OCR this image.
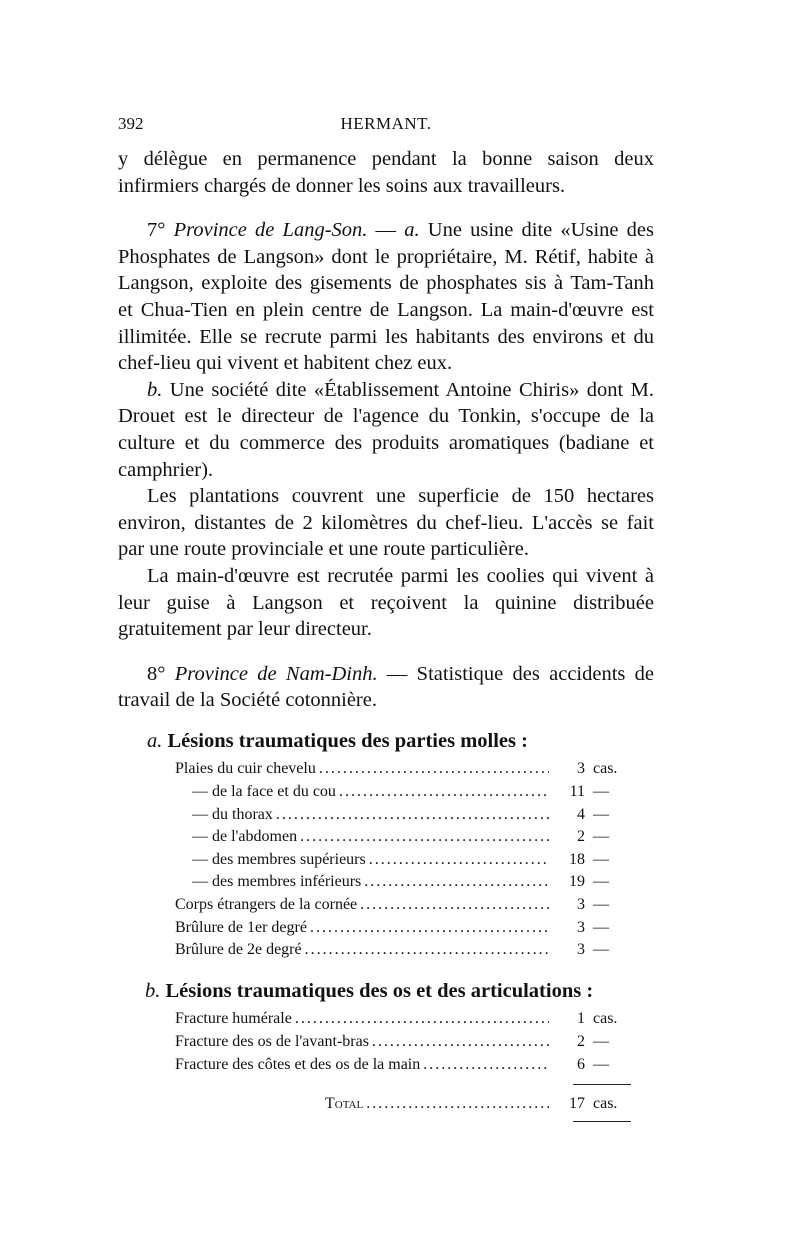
392	HERMANT.

y délègue en permanence pendant la bonne saison deux infirmiers chargés de donner les soins aux travailleurs.

7° Province de Lang-Son. — a. Une usine dite «Usine des Phosphates de Langson» dont le propriétaire, M. Rétif, habite à Langson, exploite des gisements de phosphates sis à Tam-Tanh et Chua-Tien en plein centre de Langson. La main-d'œuvre est illimitée. Elle se recrute parmi les habitants des environs et du chef-lieu qui vivent et habitent chez eux.

b. Une société dite «Établissement Antoine Chiris» dont M. Drouet est le directeur de l'agence du Tonkin, s'occupe de la culture et du commerce des produits aromatiques (badiane et camphrier).

Les plantations couvrent une superficie de 150 hectares environ, distantes de 2 kilomètres du chef-lieu. L'accès se fait par une route provinciale et une route particulière.

La main-d'œuvre est recrutée parmi les coolies qui vivent à leur guise à Langson et reçoivent la quinine distribuée gratuitement par leur directeur.

8° Province de Nam-Dinh. — Statistique des accidents de travail de la Société cotonnière.

a. Lésions traumatiques des parties molles :
Plaies du cuir chevelu .....	3 cas.
— de la face et du cou .....	11 —
— du thorax .....	4 —
— de l'abdomen .....	2 —
— des membres supérieurs .....	18 —
— des membres inférieurs .....	19 —
Corps étrangers de la cornée .....	3 —
Brûlure de 1er degré .....	3 —
Brûlure de 2e degré .....	3 —
b. Lésions traumatiques des os et des articulations :
Fracture humérale .....	1 cas.
Fracture des os de l'avant-bras .....	2 —
Fracture des côtes et des os de la main .....	6 —
Total .....	17 cas.
